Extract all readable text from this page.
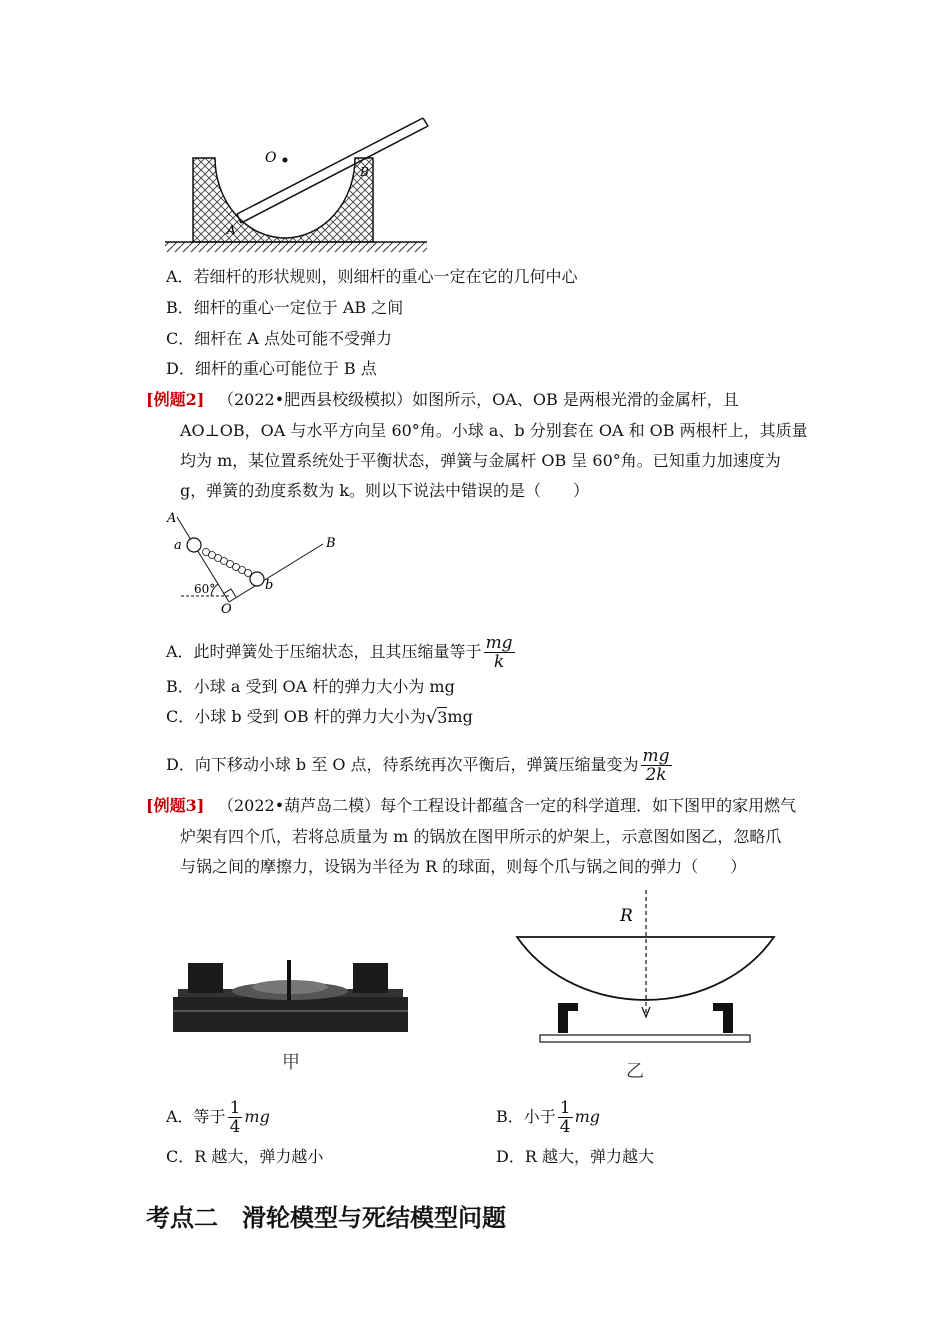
O
A
B
A．若细杆的形状规则，则细杆的重心一定在它的几何中心
B．细杆的重心一定位于 AB 之间
C．细杆在 A 点处可能不受弹力
D．细杆的重心可能位于 B 点
[例题2] （2022•肥西县校级模拟）如图所示，OA、OB 是两根光滑的金属杆，且
AO⊥OB，OA 与水平方向呈 60°角。小球 a、b 分别套在 OA 和 OB 两根杆上，其质量
均为 m，某位置系统处于平衡状态，弹簧与金属杆 OB 呈 60°角。已知重力加速度为
g，弹簧的劲度系数为 k。则以下说法中错误的是（　　）
A
a	B
b
O
60°
A．此时弹簧处于压缩状态，且其压缩量等于 $\frac{mg}{k}$
B．小球 a 受到 OA 杆的弹力大小为 mg
C．小球 b 受到 OB 杆的弹力大小为√3mg
D．向下移动小球 b 至 O 点，待系统再次平衡后，弹簧压缩量变为 $\frac{mg}{2k}$
[例题3] （2022•葫芦岛二模）每个工程设计都蕴含一定的科学道理．如下图甲的家用燃气
炉架有四个爪，若将总质量为 m 的锅放在图甲所示的炉架上，示意图如图乙，忽略爪
与锅之间的摩擦力，设锅为半径为 R 的球面，则每个爪与锅之间的弹力（　　）
甲
R
乙
A．等于 $\frac{1}{4}$ mg	B．小于 $\frac{1}{4}$ mg
C．R 越大，弹力越小	D．R 越大，弹力越大
考点二　滑轮模型与死结模型问题
